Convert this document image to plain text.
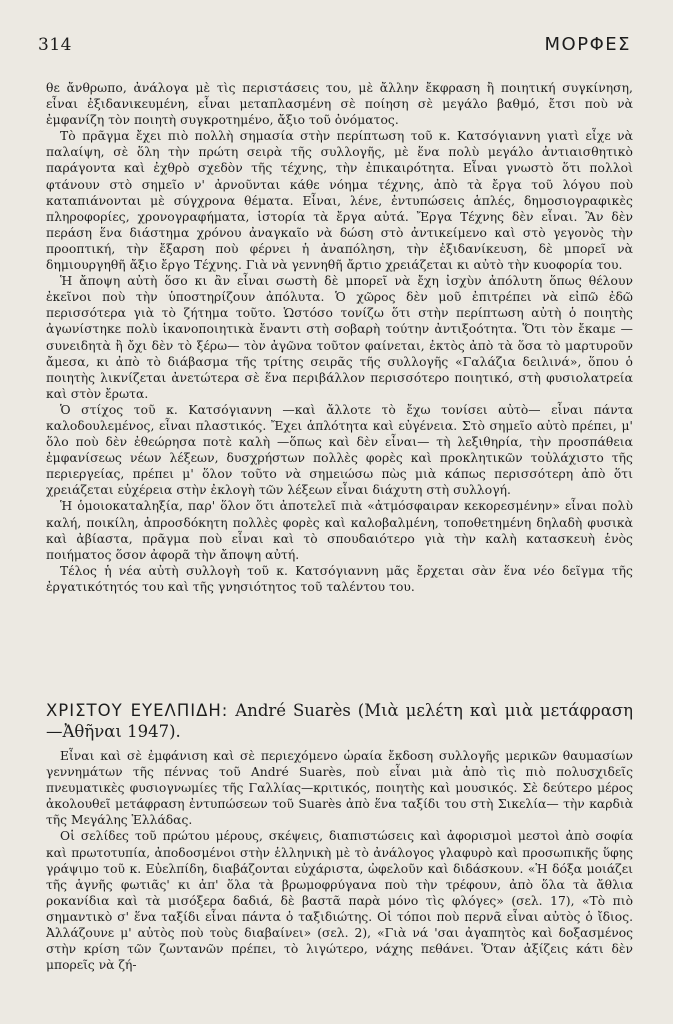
314	ΜΟΡΦΕΣ

θε ἄνθρωπο, ἀνάλογα μὲ τὶς περιστάσεις του, μὲ ἄλλην ἔκφραση ἢ ποιητική συγκίνηση, εἶναι ἐξιδανικευμένη, εἶναι μεταπλασμένη σὲ ποίηση σὲ μεγάλο βαθμό, ἔτσι ποὺ νὰ ἐμφανίζη τὸν ποιητὴ συγκροτημένο, ἄξιο τοῦ ὀνόματος.

Τὸ πρᾶγμα ἔχει πιὸ πολλὴ σημασία στὴν περίπτωση τοῦ κ. Κατσόγιαννη γιατὶ εἶχε νὰ παλαίψη, σὲ ὅλη τὴν πρώτη σειρὰ τῆς συλλογῆς, μὲ ἕνα πολὺ μεγάλο ἀντιαισθητικὸ παράγοντα καὶ ἐχθρὸ σχεδὸν τῆς τέχνης, τὴν ἐπικαιρότητα. Εἶναι γνωστὸ ὅτι πολλοὶ φτάνουν στὸ σημεῖο ν' ἀρνοῦνται κάθε νόημα τέχνης, ἀπὸ τὰ ἔργα τοῦ λόγου ποὺ καταπιάνονται μὲ σύγχρονα θέματα. Εἶναι, λένε, ἐντυπώσεις ἁπλές, δημοσιογραφικὲς πληροφορίες, χρονογραφήματα, ἱστορία τὰ ἔργα αὐτά. Ἔργα Τέχνης δὲν εἶναι. Ἂν δὲν περάση ἕνα διάστημα χρόνου ἀναγκαῖο νὰ δώση στὸ ἀντικείμενο καὶ στὸ γεγονὸς τὴν προοπτική, τὴν ἔξαρση ποὺ φέρνει ἡ ἀναπόληση, τὴν ἐξιδανίκευση, δὲ μπορεῖ νὰ δημιουργηθῆ ἄξιο ἔργο Τέχνης. Γιὰ νὰ γεννηθῆ ἄρτιο χρειάζεται κι αὐτὸ τὴν κυοφορία του.

Ἡ ἄποψη αὐτὴ ὅσο κι ἂν εἶναι σωστὴ δὲ μπορεῖ νὰ ἔχη ἰσχὺν ἀπόλυτη ὅπως θέλουν ἐκεῖνοι ποὺ τὴν ὑποστηρίζουν ἀπόλυτα. Ὁ χῶρος δὲν μοῦ ἐπιτρέπει νὰ εἰπῶ ἐδῶ περισσότερα γιὰ τὸ ζήτημα τοῦτο. Ὡστόσο τονίζω ὅτι στὴν περίπτωση αὐτὴ ὁ ποιητὴς ἀγωνίστηκε πολὺ ἱκανοποιητικὰ ἔναντι στὴ σοβαρὴ τούτην ἀντιξοότητα. Ὅτι τὸν ἔκαμε —συνειδητὰ ἢ ὄχι δὲν τὸ ξέρω— τὸν ἀγῶνα τοῦτον φαίνεται, ἐκτὸς ἀπὸ τὰ ὅσα τὸ μαρτυροῦν ἄμεσα, κι ἀπὸ τὸ διάβασμα τῆς τρίτης σειρᾶς τῆς συλλογῆς «Γαλάζια δειλινά», ὅπου ὁ ποιητὴς λικνίζεται ἀνετώτερα σὲ ἕνα περιβάλλον περισσότερο ποιητικό, στὴ φυσιολατρεία καὶ στὸν ἔρωτα.

Ὁ στίχος τοῦ κ. Κατσόγιαννη —καὶ ἄλλοτε τὸ ἔχω τονίσει αὐτὸ— εἶναι πάντα καλοδουλεμένος, εἶναι πλαστικός. Ἔχει ἁπλότητα καὶ εὐγένεια. Στὸ σημεῖο αὐτὸ πρέπει, μ' ὅλο ποὺ δὲν ἐθεώρησα ποτὲ καλὴ —ὅπως καὶ δὲν εἶναι— τὴ λεξιθηρία, τὴν προσπάθεια ἐμφανίσεως νέων λέξεων, δυσχρήστων πολλὲς φορὲς καὶ προκλητικῶν τοὐλάχιστο τῆς περιεργείας, πρέπει μ' ὅλον τοῦτο νὰ σημειώσω πὼς μιὰ κάπως περισσότερη ἀπὸ ὅτι χρειάζεται εὐχέρεια στὴν ἐκλογὴ τῶν λέξεων εἶναι διάχυτη στὴ συλλογή.

Ἡ ὁμοιοκαταληξία, παρ' ὅλον ὅτι ἀποτελεῖ πιὰ «ἀτμόσφαιραν κεκορεσμένην» εἶναι πολὺ καλή, ποικίλη, ἀπροσδόκητη πολλὲς φορὲς καὶ καλοβαλμένη, τοποθετημένη δηλαδὴ φυσικὰ καὶ ἀβίαστα, πρᾶγμα ποὺ εἶναι καὶ τὸ σπουδαιότερο γιὰ τὴν καλὴ κατασκευὴ ἑνὸς ποιήματος ὅσον ἀφορᾶ τὴν ἄποψη αὐτή.

Τέλος ἡ νέα αὐτὴ συλλογὴ τοῦ κ. Κατσόγιαννη μᾶς ἔρχεται σὰν ἕνα νέο δεῖγμα τῆς ἐργατικότητός του καὶ τῆς γνησιότητος τοῦ ταλέντου του.

ΧΡΙΣΤΟΥ ΕΥΕΛΠΙΔΗ: André Suarès (Μιὰ μελέτη καὶ μιὰ μετάφραση—Ἀθῆναι 1947).

Εἶναι καὶ σὲ ἐμφάνιση καὶ σὲ περιεχόμενο ὡραία ἔκδοση συλλογῆς μερικῶν θαυμασίων γεννημάτων τῆς πέννας τοῦ André Suarès, ποὺ εἶναι μιὰ ἀπὸ τὶς πιὸ πολυσχιδεῖς πνευματικὲς φυσιογνωμίες τῆς Γαλλίας—κριτικός, ποιητὴς καὶ μουσικός. Σὲ δεύτερο μέρος ἀκολουθεῖ μετάφραση ἐντυπώσεων τοῦ Suarès ἀπὸ ἕνα ταξίδι του στὴ Σικελία— τὴν καρδιὰ τῆς Μεγάλης Ἑλλάδας.

Οἱ σελίδες τοῦ πρώτου μέρους, σκέψεις, διαπιστώσεις καὶ ἀφορισμοὶ μεστοὶ ἀπὸ σοφία καὶ πρωτοτυπία, ἀποδοσμένοι στὴν ἑλληνικὴ μὲ τὸ ἀνάλογος γλαφυρὸ καὶ προσωπικῆς ὕφης γράψιμο τοῦ κ. Εὐελπίδη, διαβάζονται εὐχάριστα, ὠφελοῦν καὶ διδάσκουν. «Ἡ δόξα μοιάζει τῆς ἁγνῆς φωτιᾶς' κι ἀπ' ὅλα τὰ βρωμοφρύγανα ποὺ τὴν τρέφουν, ἀπὸ ὅλα τὰ ἄθλια ροκανίδια καὶ τὰ μισόξερα δαδιά, δὲ βαστᾶ παρὰ μόνο τὶς φλόγες» (σελ. 17), «Τὸ πιὸ σημαντικὸ σ' ἕνα ταξίδι εἶναι πάντα ὁ ταξιδιώτης. Οἱ τόποι ποὺ περνᾶ εἶναι αὐτὸς ὁ ἴδιος. Ἀλλάζουνε μ' αὐτὸς ποὺ τοὺς διαβαίνει» (σελ. 2), «Γιὰ νά 'σαι ἀγαπητὸς καὶ δοξασμένος στὴν κρίση τῶν ζωντανῶν πρέπει, τὸ λιγώτερο, νάχης πεθάνει. Ὅταν ἀξίζεις κάτι δὲν μπορεῖς νὰ ζή-
